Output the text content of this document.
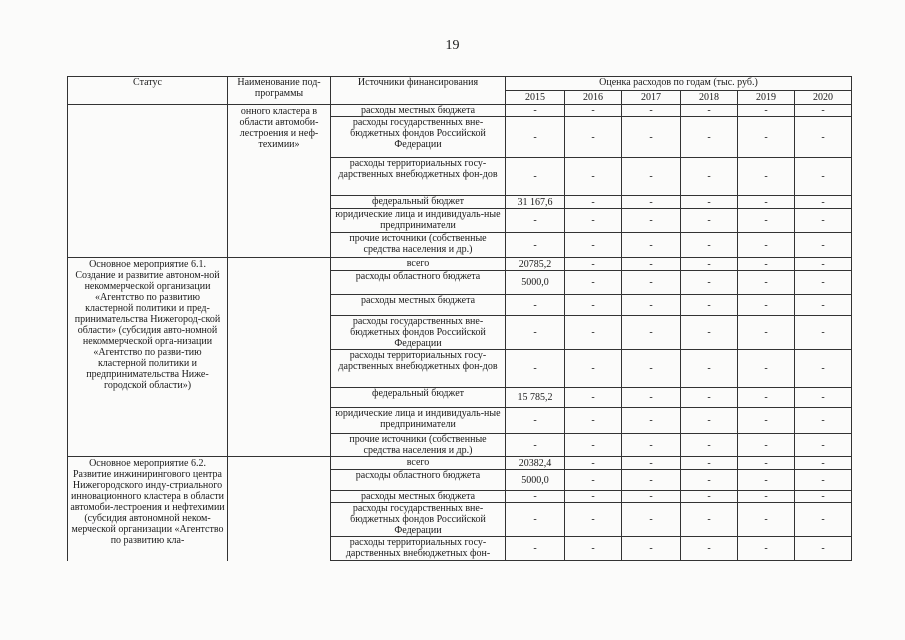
19
Статус	Наименование под-программы	Источники финансирования	Оценка расходов по годам (тыс. руб.)					
			2015	2016	2017	2018	2019	2020
	онного кластера в области автомоби-лестроения и неф-техимии»	расходы местных бюджета	-	-	-	-	-	-
		расходы государственных вне-бюджетных фондов Российской Федерации	-	-	-	-	-	-
		расходы территориальных госу-дарственных внебюджетных фон-дов	-	-	-	-	-	-
		федеральный бюджет	31 167,6	-	-	-	-	-
		юридические лица и индивидуаль-ные предприниматели	-	-	-	-	-	-
		прочие источники (собственные средства населения и др.)	-	-	-	-	-	-
Основное мероприятие 6.1. Создание и развитие автоном-ной некоммерческой организации «Агентство по развитию кластерной политики и пред-принимательства Нижегород-ской области» (субсидия авто-номной некоммерческой орга-низации «Агентство по разви-тию кластерной политики и предпринимательства Ниже-городской области»)		всего	20785,2	-	-	-	-	-
		расходы областного бюджета	5000,0	-	-	-	-	-
		расходы местных бюджета	-	-	-	-	-	-
		расходы государственных вне-бюджетных фондов Российской Федерации	-	-	-	-	-	-
		расходы территориальных госу-дарственных внебюджетных фон-дов	-	-	-	-	-	-
		федеральный бюджет	15 785,2	-	-	-	-	-
		юридические лица и индивидуаль-ные предприниматели	-	-	-	-	-	-
		прочие источники (собственные средства населения и др.)	-	-	-	-	-	-
Основное мероприятие 6.2. Развитие инжинирингового центра Нижегородского инду-стриального инновационного кластера в области автомоби-лестроения и нефтехимии (субсидия автономной неком-мерческой организации «Агентство по развитию кла-		всего	20382,4	-	-	-	-	-
		расходы областного бюджета	5000,0	-	-	-	-	-
		расходы местных бюджета	-	-	-	-	-	-
		расходы государственных вне-бюджетных фондов Российской Федерации	-	-	-	-	-	-
		расходы территориальных госу-дарственных внебюджетных фон-	-	-	-	-	-	-
